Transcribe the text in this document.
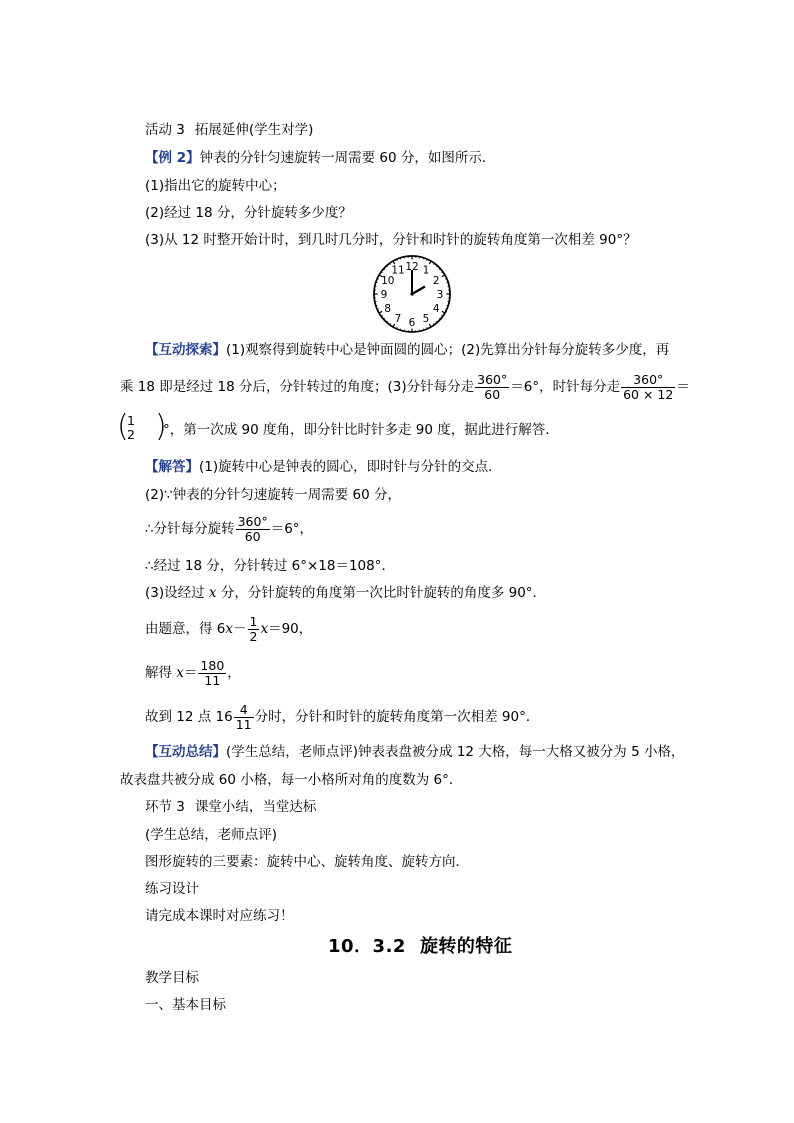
活动 3 拓展延伸(学生对学)
【例 2】钟表的分针匀速旋转一周需要 60 分，如图所示．
(1)指出它的旋转中心；
(2)经过 18 分，分针旋转多少度？
(3)从 12 时整开始计时，到几时几分时，分针和时针的旋转角度第一次相差 90°？
12 1
2
3
4
5
6
7
8
9
10
11
【互动探索】(1)观察得到旋转中心是钟面圆的圆心；(2)先算出分针每分旋转多少度，再
乘 18 即是经过 18 分后，分针转过的角度；(3)分针每分走 $\frac{360^\circ}{60} =6^\circ$，时针每分走 $\frac{360^\circ}{60 \times 12}$ ＝
(
1
2 )
°，第一次成 90 度角，即分针比时针多走 90 度，据此进行解答．
【解答】(1)旋转中心是钟表的圆心，即时针与分针的交点．
(2)∵钟表的分针匀速旋转一周需要 60 分，
∴分针每分旋转 $\frac{360^\circ}{60} =6^\circ$，
∴经过 18 分，分针转过 6°×18＝108°．
(3)设经过 x 分，分针旋转的角度第一次比时针旋转的角度多 90°．
由题意，得 $6x- \frac{1}{2} x=90$，
解得 $x= \frac{180}{11}$ ，
故到 12 点 $16 \frac{4}{11}$ 分时，分针和时针的旋转角度第一次相差 90°．
【互动总结】(学生总结，老师点评)钟表表盘被分成 12 大格，每一大格又被分为 5 小格，
故表盘共被分成 60 小格，每一小格所对角的度数为 6°．
环节 3 课堂小结，当堂达标
(学生总结，老师点评)
图形旋转的三要素：旋转中心、旋转角度、旋转方向．
练习设计
请完成本课时对应练习！
10．3.2 旋转的特征
教学目标
一、基本目标
